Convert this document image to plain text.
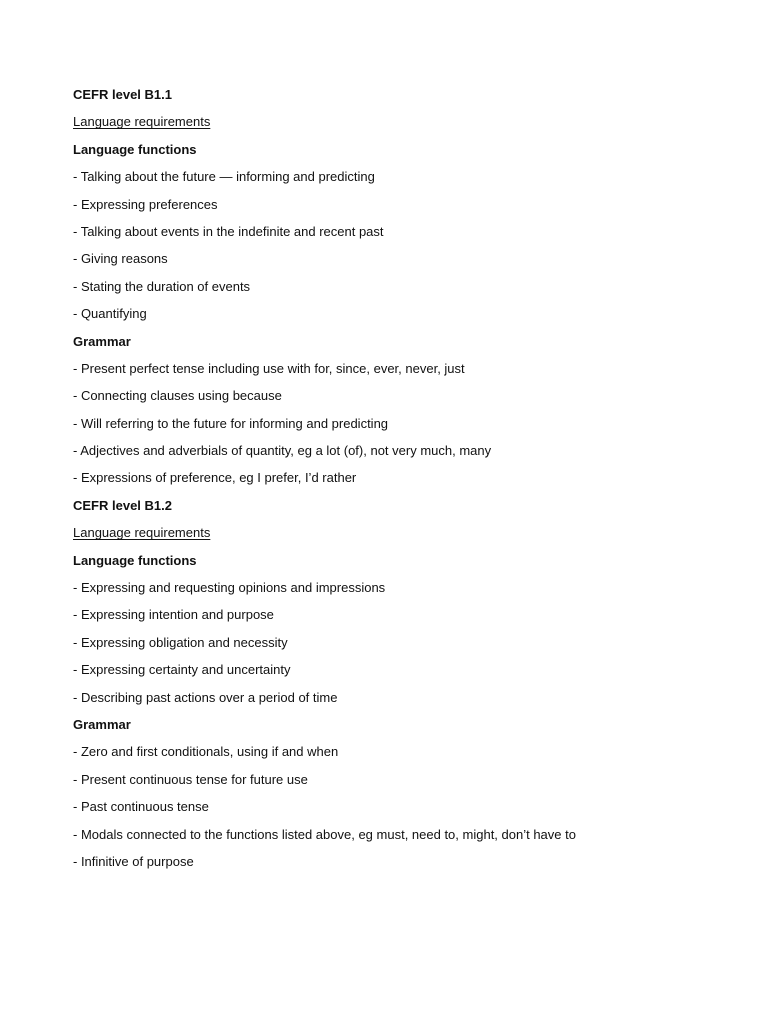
CEFR level B1.1
Language requirements
Language functions
- Talking about the future — informing and predicting
- Expressing preferences
- Talking about events in the indefinite and recent past
- Giving reasons
- Stating the duration of events
- Quantifying
Grammar
- Present perfect tense including use with for, since, ever, never, just
- Connecting clauses using because
- Will referring to the future for informing and predicting
- Adjectives and adverbials of quantity, eg a lot (of), not very much, many
- Expressions of preference, eg I prefer, I’d rather
CEFR level B1.2
Language requirements
Language functions
- Expressing and requesting opinions and impressions
- Expressing intention and purpose
- Expressing obligation and necessity
- Expressing certainty and uncertainty
- Describing past actions over a period of time
Grammar
- Zero and first conditionals, using if and when
- Present continuous tense for future use
- Past continuous tense
- Modals connected to the functions listed above, eg must, need to, might, don’t have to
- Infinitive of purpose
